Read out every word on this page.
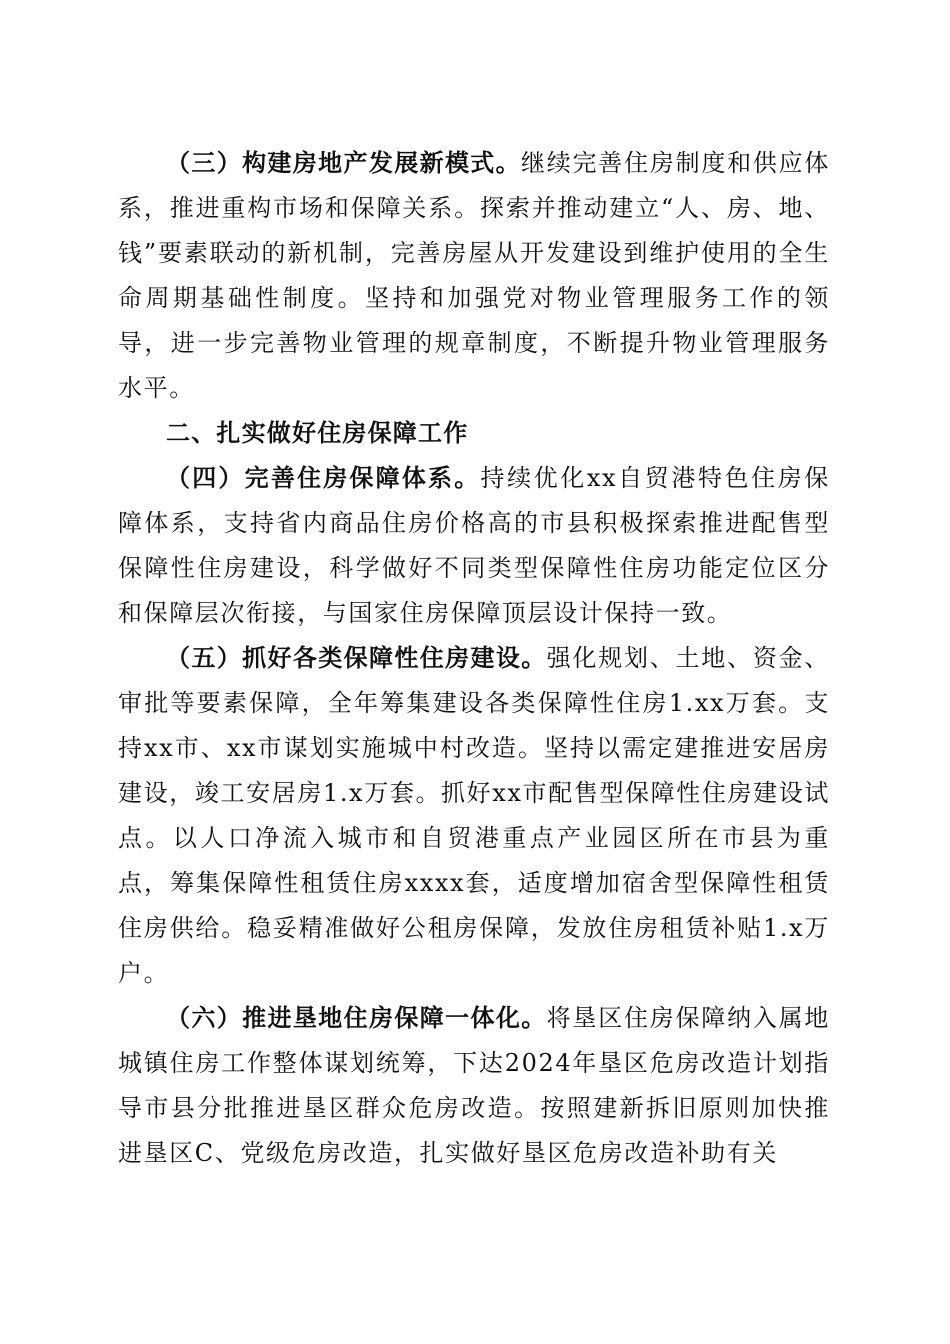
（三）构建房地产发展新模式。继续完善住房制度和供应体系，推进重构市场和保障关系。探索并推动建立“人、房、地、钱”要素联动的新机制，完善房屋从开发建设到维护使用的全生命周期基础性制度。坚持和加强党对物业管理服务工作的领导，进一步完善物业管理的规章制度，不断提升物业管理服务水平。

二、扎实做好住房保障工作

（四）完善住房保障体系。持续优化xx自贸港特色住房保障体系，支持省内商品住房价格高的市县积极探索推进配售型保障性住房建设，科学做好不同类型保障性住房功能定位区分和保障层次衔接，与国家住房保障顶层设计保持一致。

（五）抓好各类保障性住房建设。强化规划、土地、资金、审批等要素保障，全年筹集建设各类保障性住房1.xx万套。支持xx市、xx市谋划实施城中村改造。坚持以需定建推进安居房建设，竣工安居房1.x万套。抓好xx市配售型保障性住房建设试点。以人口净流入城市和自贸港重点产业园区所在市县为重点，筹集保障性租赁住房xxxx套，适度增加宿舍型保障性租赁住房供给。稳妥精准做好公租房保障，发放住房租赁补贴1.x万户。

（六）推进垦地住房保障一体化。将垦区住房保障纳入属地城镇住房工作整体谋划统筹，下达2024年垦区危房改造计划指导市县分批推进垦区群众危房改造。按照建新拆旧原则加快推进垦区C、党级危房改造，扎实做好垦区危房改造补助有关
